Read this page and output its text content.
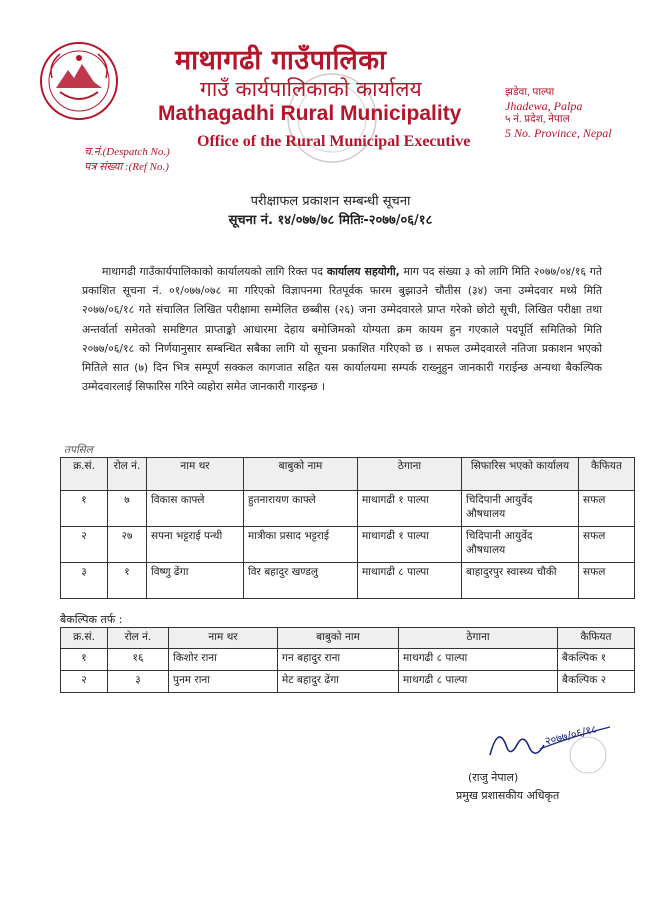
माथागढी गाउँपालिका
गाउँ कार्यपालिकाको कार्यालय
Mathagadhi Rural Municipality
Office of the Rural Municipal Executive
झडेवा, पाल्पा
Jhadewa, Palpa
५ नं. प्रदेश, नेपाल
5 No. Province, Nepal
च.नं.(Despatch No.)
पत्र संख्या :(Ref No.)
परीक्षाफल प्रकाशन सम्बन्धी सूचना
सूचना नं. १४/०७७/७८ मितिः-२०७७/०६/१८
माथागढी गाउँकार्यपालिकाको कार्यालयको लागि रिक्त पद कार्यालय सहयोगी, माग पद संख्या ३ को लागि मिति २०७७/०४/१६ गते प्रकाशित सूचना नं. ०१/०७७/०७८ मा गरिएको विज्ञापनमा रितपूर्वक फारम बुझाउने चौतीस (३४) जना उम्मेदवार मध्ये मिति २०७७/०६/१८ गते संचालित लिखित परीक्षामा सम्मेलित छब्बीस (२६) जना उम्मेदवारले प्राप्त गरेको छोटो सूची, लिखित परीक्षा तथा अन्तर्वार्ता समेतको समष्टिगत प्राप्ताङ्को आधारमा देहाय बमोजिमको योग्यता क्रम कायम हुन गएकाले पदपूर्ति समितिको मिति २०७७/०६/१८ को निर्णयानुसार सम्बन्धित सबैका लागि यो सूचना प्रकाशित गरिएको छ । सफल उम्मेदवारले नतिजा प्रकाशन भएको मितिले सात (७) दिन भित्र सम्पूर्ण सक्कल कागजात सहित यस कार्यालयमा सम्पर्क राख्नुहुन जानकारी गराईन्छ अन्यथा बैकल्पिक उम्मेदवारलाई सिफारिस गरिने व्यहोरा समेत जानकारी गारइन्छ ।
तपसिल
क्र.सं.	रोल नं.	नाम थर	बाबुको नाम	ठेगाना	सिफारिस भएको कार्यालय	कैफियत
१	७	विकास काफ्ले	हुतनारायण काफ्ले	माथागढी १ पाल्पा	चिदिपानी आयुर्वेद औषधालय	सफल
२	२७	सपना भट्टराई पन्थी	मात्रीका प्रसाद भट्टराई	माथागढी १ पाल्पा	चिदिपानी आयुर्वेद औषधालय	सफल
३	१	विष्णु ढेंगा	विर बहादुर खण्डलु	माथागढी ८ पाल्पा	बाहादुरपुर स्वास्थ्य चौकी	सफल
बैकल्पिक तर्फ :
क्र.सं.	रोल नं.	नाम थर	बाबुको नाम	ठेगाना	कैफियत
१	१६	किशोर राना	गन बहादुर राना	माथगढी ८ पाल्पा	बैकल्पिक १
२	३	पुनम राना	मेट बहादुर ढेंगा	माथगढी ८ पाल्पा	बैकल्पिक २
२०७७/०६/१८
(राजु नेपाल)
प्रमुख प्रशासकीय अधिकृत
